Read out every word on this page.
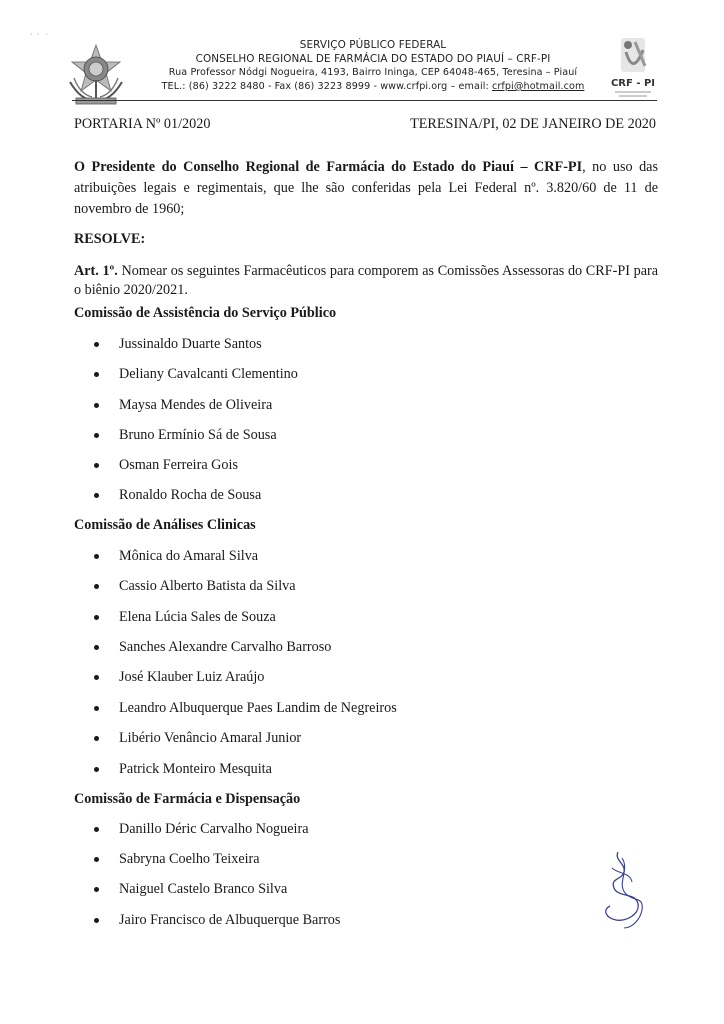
SERVIÇO PÚBLICO FEDERAL
CONSELHO REGIONAL DE FARMÁCIA DO ESTADO DO PIAUÍ – CRF-PI
Rua Professor Nódgi Nogueira, 4193, Bairro Ininga, CEP 64048-465, Teresina – Piauí
TEL.: (86) 3222 8480 - Fax (86) 3223 8999 - www.crfpi.org – email: crfpi@hotmail.com	CRF - PI
·  ·   ·
PORTARIA Nº 01/2020	TERESINA/PI, 02 DE JANEIRO DE 2020
O Presidente do Conselho Regional de Farmácia do Estado do Piauí – CRF-PI, no uso das atribuições legais e regimentais, que lhe são conferidas pela Lei Federal nº. 3.820/60 de 11 de novembro de 1960;
RESOLVE:
Art. 1º. Nomear os seguintes Farmacêuticos para comporem as Comissões Assessoras do CRF-PI para o biênio 2020/2021.
Comissão de Assistência do Serviço Público
Jussinaldo Duarte Santos
Deliany Cavalcanti Clementino
Maysa Mendes de Oliveira
Bruno Ermínio Sá de Sousa
Osman Ferreira Gois
Ronaldo Rocha de Sousa
Comissão de Análises Clinicas
Mônica do Amaral Silva
Cassio Alberto Batista da Silva
Elena Lúcia Sales de Souza
Sanches Alexandre Carvalho Barroso
José Klauber Luiz Araújo
Leandro Albuquerque Paes Landim de Negreiros
Libério Venâncio Amaral Junior
Patrick Monteiro Mesquita
Comissão de Farmácia e Dispensação
Danillo Déric Carvalho Nogueira
Sabryna Coelho Teixeira
Naiguel Castelo Branco Silva
Jairo Francisco de Albuquerque Barros
